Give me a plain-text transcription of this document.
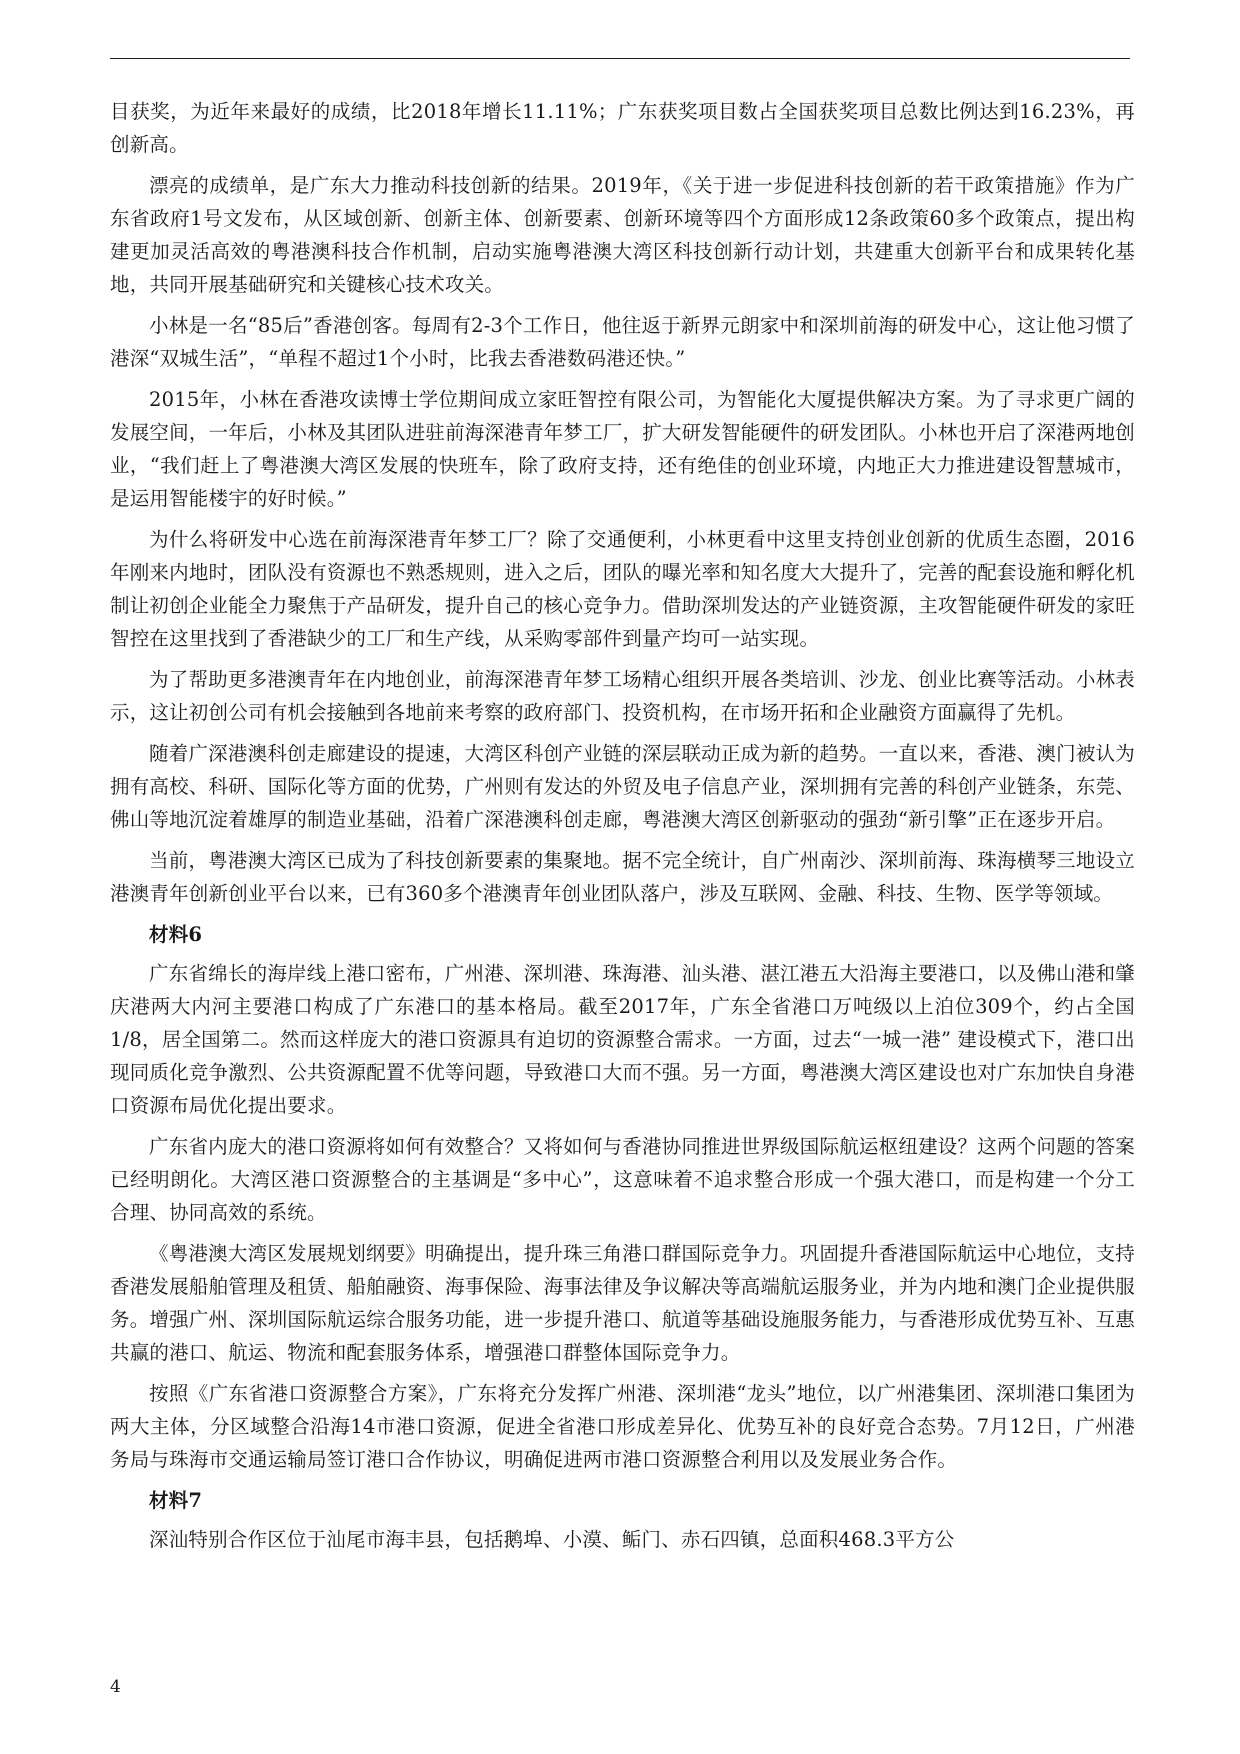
目获奖，为近年来最好的成绩，比2018年增长11.11%；广东获奖项目数占全国获奖项目总数比例达到16.23%，再创新高。

漂亮的成绩单，是广东大力推动科技创新的结果。2019年，《关于进一步促进科技创新的若干政策措施》作为广东省政府1号文发布，从区域创新、创新主体、创新要素、创新环境等四个方面形成12条政策60多个政策点，提出构建更加灵活高效的粤港澳科技合作机制，启动实施粤港澳大湾区科技创新行动计划，共建重大创新平台和成果转化基地，共同开展基础研究和关键核心技术攻关。

小林是一名“85后”香港创客。每周有2-3个工作日，他往返于新界元朗家中和深圳前海的研发中心，这让他习惯了港深“双城生活”，“单程不超过1个小时，比我去香港数码港还快。”

2015年，小林在香港攻读博士学位期间成立家旺智控有限公司，为智能化大厦提供解决方案。为了寻求更广阔的发展空间，一年后，小林及其团队进驻前海深港青年梦工厂，扩大研发智能硬件的研发团队。小林也开启了深港两地创业，“我们赶上了粤港澳大湾区发展的快班车，除了政府支持，还有绝佳的创业环境，内地正大力推进建设智慧城市，是运用智能楼宇的好时候。”

为什么将研发中心选在前海深港青年梦工厂？除了交通便利，小林更看中这里支持创业创新的优质生态圈，2016年刚来内地时，团队没有资源也不熟悉规则，进入之后，团队的曝光率和知名度大大提升了，完善的配套设施和孵化机制让初创企业能全力聚焦于产品研发，提升自己的核心竞争力。借助深圳发达的产业链资源，主攻智能硬件研发的家旺智控在这里找到了香港缺少的工厂和生产线，从采购零部件到量产均可一站实现。

为了帮助更多港澳青年在内地创业，前海深港青年梦工场精心组织开展各类培训、沙龙、创业比赛等活动。小林表示，这让初创公司有机会接触到各地前来考察的政府部门、投资机构，在市场开拓和企业融资方面赢得了先机。

随着广深港澳科创走廊建设的提速，大湾区科创产业链的深层联动正成为新的趋势。一直以来，香港、澳门被认为拥有高校、科研、国际化等方面的优势，广州则有发达的外贸及电子信息产业，深圳拥有完善的科创产业链条，东莞、佛山等地沉淀着雄厚的制造业基础，沿着广深港澳科创走廊，粤港澳大湾区创新驱动的强劲“新引擎”正在逐步开启。

当前，粤港澳大湾区已成为了科技创新要素的集聚地。据不完全统计，自广州南沙、深圳前海、珠海横琴三地设立港澳青年创新创业平台以来，已有360多个港澳青年创业团队落户，涉及互联网、金融、科技、生物、医学等领域。

材料6

广东省绵长的海岸线上港口密布，广州港、深圳港、珠海港、汕头港、湛江港五大沿海主要港口，以及佛山港和肇庆港两大内河主要港口构成了广东港口的基本格局。截至2017年，广东全省港口万吨级以上泊位309个，约占全国1/8，居全国第二。然而这样庞大的港口资源具有迫切的资源整合需求。一方面，过去“一城一港” 建设模式下，港口出现同质化竞争激烈、公共资源配置不优等问题，导致港口大而不强。另一方面，粤港澳大湾区建设也对广东加快自身港口资源布局优化提出要求。

广东省内庞大的港口资源将如何有效整合？又将如何与香港协同推进世界级国际航运枢纽建设？这两个问题的答案已经明朗化。大湾区港口资源整合的主基调是“多中心”，这意味着不追求整合形成一个强大港口，而是构建一个分工合理、协同高效的系统。

《粤港澳大湾区发展规划纲要》明确提出，提升珠三角港口群国际竞争力。巩固提升香港国际航运中心地位，支持香港发展船舶管理及租赁、船舶融资、海事保险、海事法律及争议解决等高端航运服务业，并为内地和澳门企业提供服务。增强广州、深圳国际航运综合服务功能，进一步提升港口、航道等基础设施服务能力，与香港形成优势互补、互惠共赢的港口、航运、物流和配套服务体系，增强港口群整体国际竞争力。

按照《广东省港口资源整合方案》，广东将充分发挥广州港、深圳港“龙头”地位，以广州港集团、深圳港口集团为两大主体，分区域整合沿海14市港口资源，促进全省港口形成差异化、优势互补的良好竞合态势。7月12日，广州港务局与珠海市交通运输局签订港口合作协议，明确促进两市港口资源整合利用以及发展业务合作。

材料7

深汕特别合作区位于汕尾市海丰县，包括鹅埠、小漠、鲘门、赤石四镇，总面积468.3平方公

4
